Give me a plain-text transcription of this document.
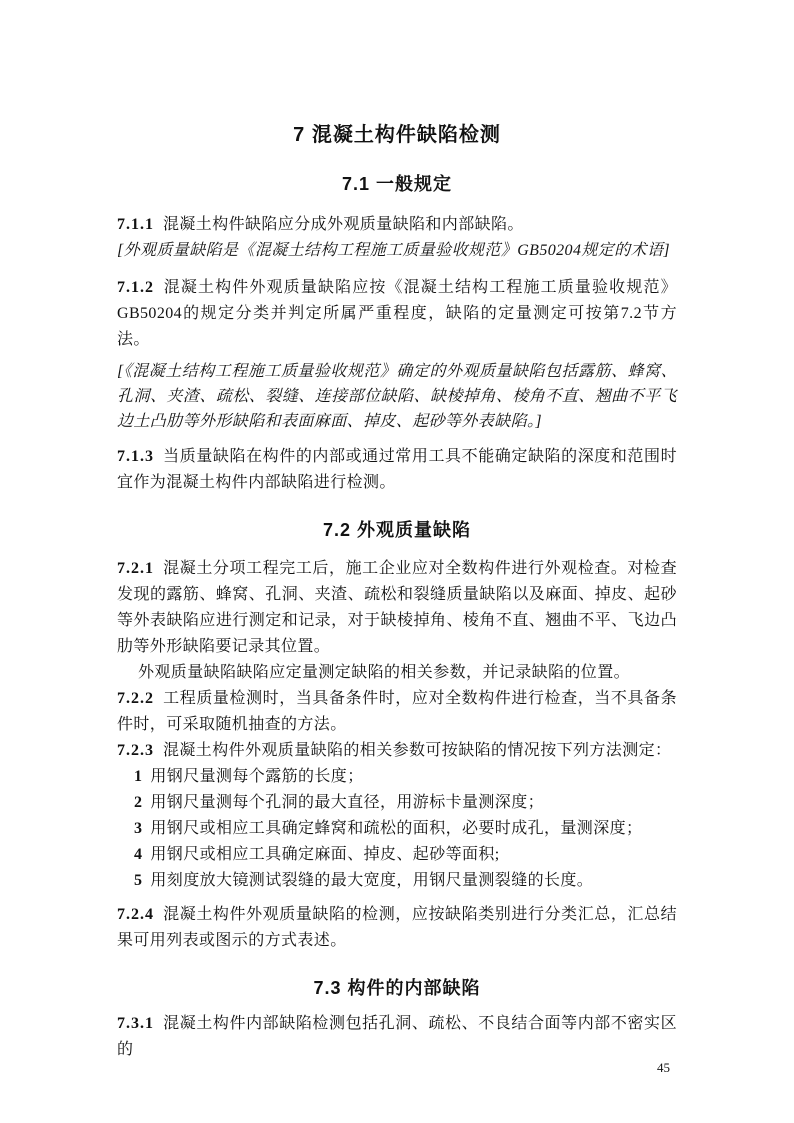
7 混凝土构件缺陷检测
7.1 一般规定

7.1.1 混凝土构件缺陷应分成外观质量缺陷和内部缺陷。

[外观质量缺陷是《混凝土结构工程施工质量验收规范》GB50204规定的术语]

7.1.2 混凝土构件外观质量缺陷应按《混凝土结构工程施工质量验收规范》GB50204的规定分类并判定所属严重程度，缺陷的定量测定可按第7.2节方法。

[《混凝土结构工程施工质量验收规范》确定的外观质量缺陷包括露筋、蜂窝、孔洞、夹渣、疏松、裂缝、连接部位缺陷、缺棱掉角、棱角不直、翘曲不平飞边土凸肋等外形缺陷和表面麻面、掉皮、起砂等外表缺陷。]

7.1.3 当质量缺陷在构件的内部或通过常用工具不能确定缺陷的深度和范围时宜作为混凝土构件内部缺陷进行检测。

7.2 外观质量缺陷

7.2.1 混凝土分项工程完工后，施工企业应对全数构件进行外观检查。对检查发现的露筋、蜂窝、孔洞、夹渣、疏松和裂缝质量缺陷以及麻面、掉皮、起砂等外表缺陷应进行测定和记录，对于缺棱掉角、棱角不直、翘曲不平、飞边凸肋等外形缺陷要记录其位置。

外观质量缺陷缺陷应定量测定缺陷的相关参数，并记录缺陷的位置。

7.2.2 工程质量检测时，当具备条件时，应对全数构件进行检查，当不具备条件时，可采取随机抽查的方法。

7.2.3 混凝土构件外观质量缺陷的相关参数可按缺陷的情况按下列方法测定：

1 用钢尺量测每个露筋的长度；

2 用钢尺量测每个孔洞的最大直径，用游标卡量测深度；

3 用钢尺或相应工具确定蜂窝和疏松的面积，必要时成孔，量测深度；

4 用钢尺或相应工具确定麻面、掉皮、起砂等面积;

5 用刻度放大镜测试裂缝的最大宽度，用钢尺量测裂缝的长度。

7.2.4 混凝土构件外观质量缺陷的检测，应按缺陷类别进行分类汇总，汇总结果可用列表或图示的方式表述。

7.3 构件的内部缺陷

7.3.1 混凝土构件内部缺陷检测包括孔洞、疏松、不良结合面等内部不密实区的

45
